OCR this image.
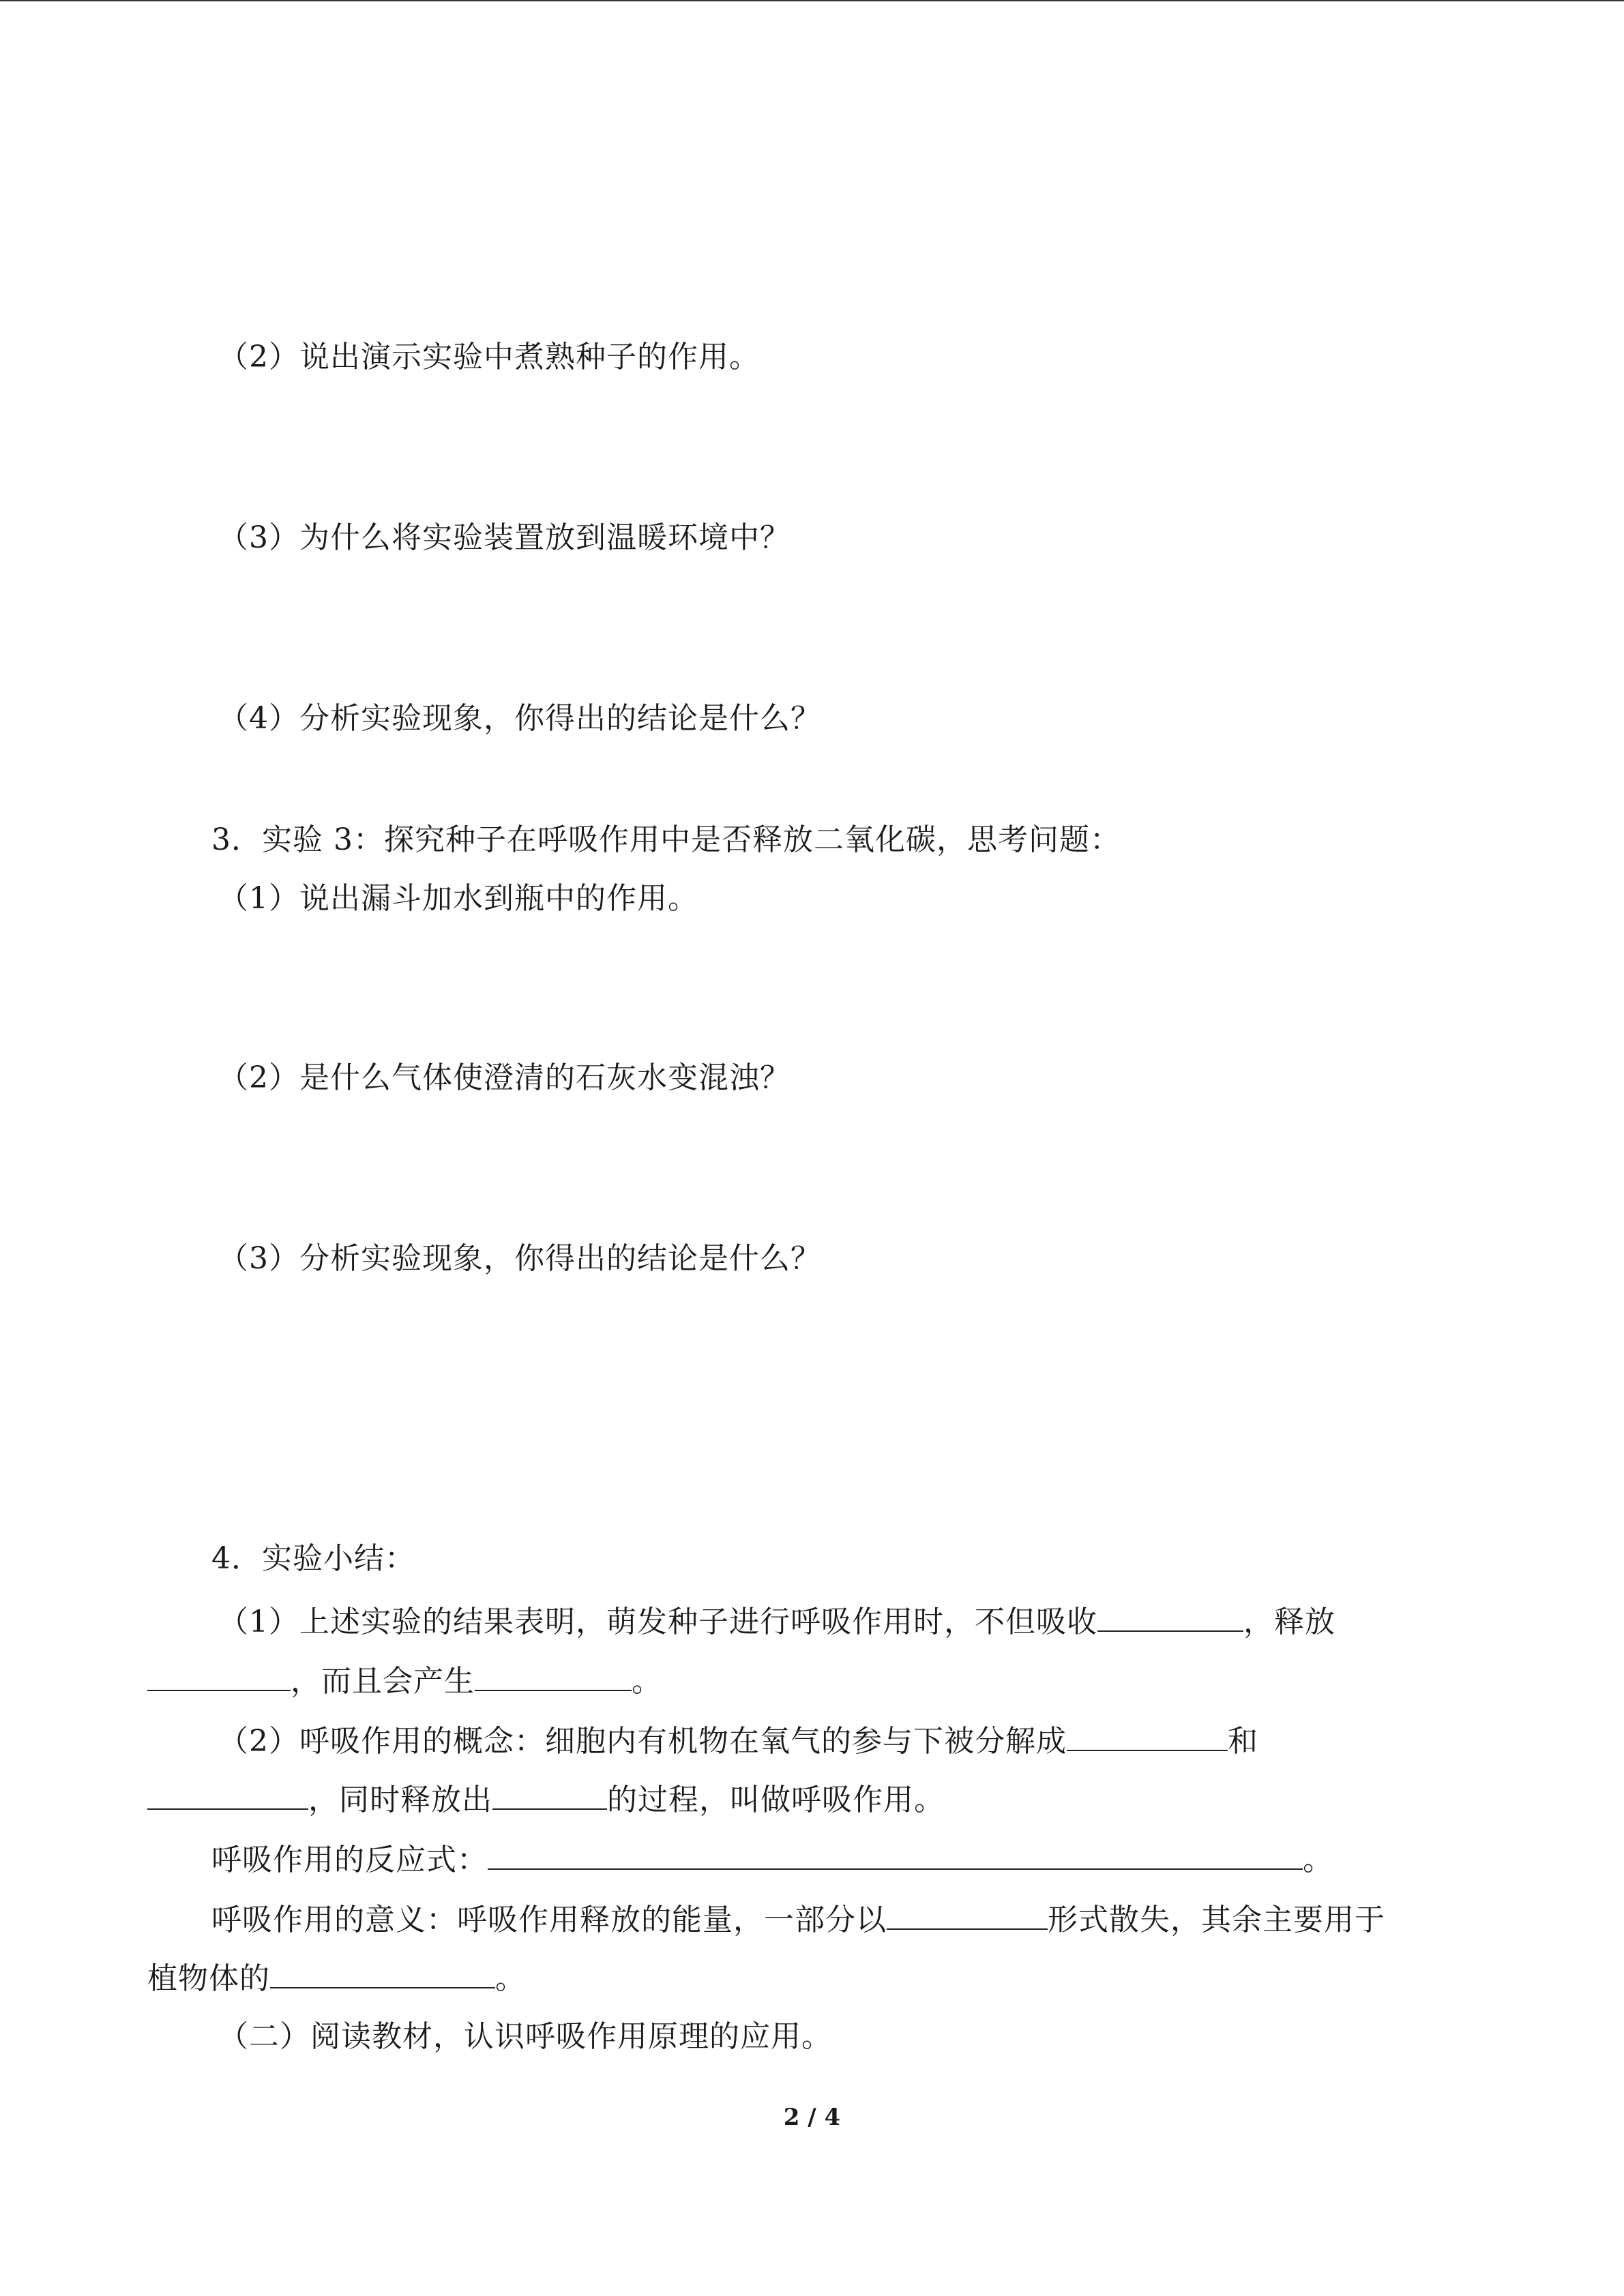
（2）说出演示实验中煮熟种子的作用。
（3）为什么将实验装置放到温暖环境中？
（4）分析实验现象，你得出的结论是什么？
3．实验 3：探究种子在呼吸作用中是否释放二氧化碳，思考问题：
（1）说出漏斗加水到瓶中的作用。
（2）是什么气体使澄清的石灰水变混浊？
（3）分析实验现象，你得出的结论是什么？
4．实验小结：
（1）上述实验的结果表明，萌发种子进行呼吸作用时，不但吸收	，释放
，而且会产生	。
（2）呼吸作用的概念：细胞内有机物在氧气的参与下被分解成	和
，同时释放出	的过程，叫做呼吸作用。
呼吸作用的反应式：	。
呼吸作用的意义：呼吸作用释放的能量，一部分以	形式散失，其余主要用于
植物体的	。
（二）阅读教材，认识呼吸作用原理的应用。
2 / 4
